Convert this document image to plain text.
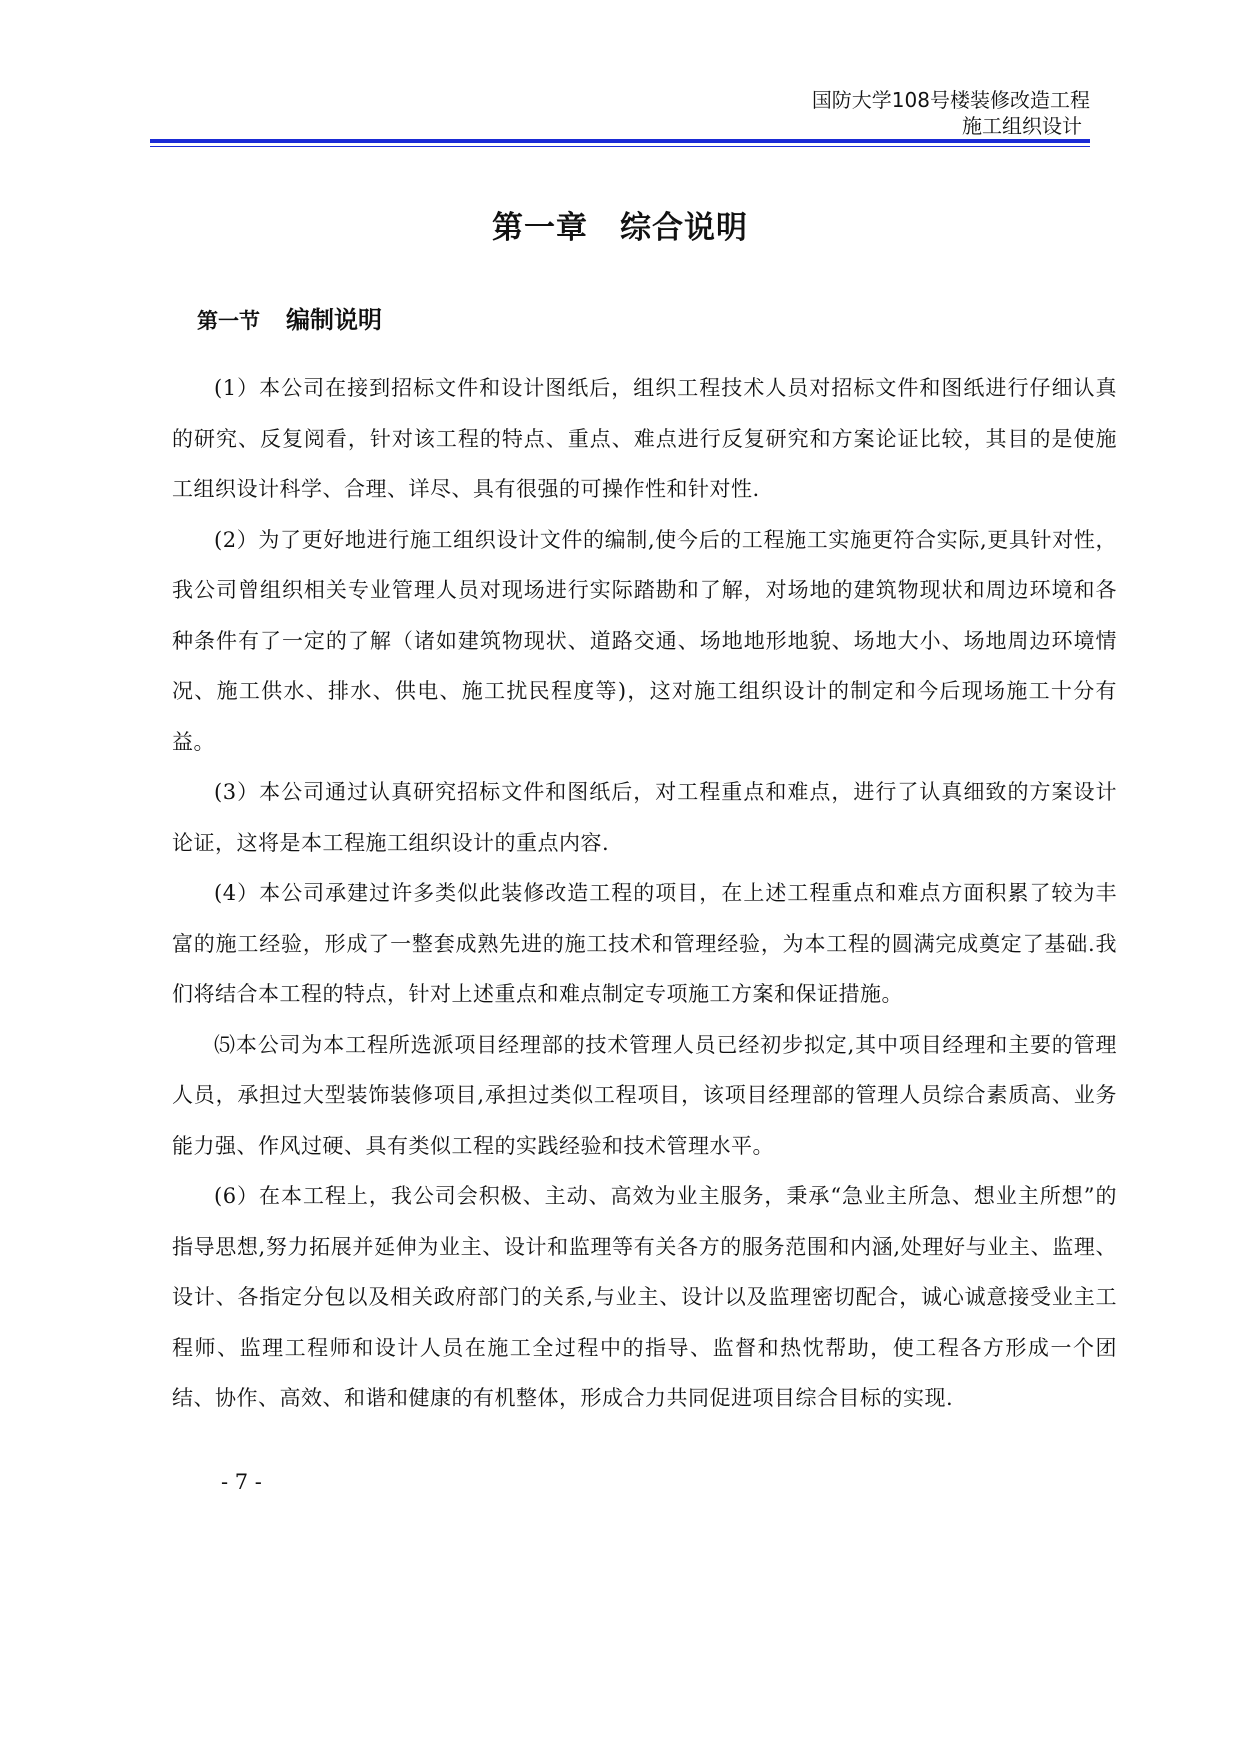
国防大学108号楼装修改造工程
施工组织设计
第一章　综合说明
第一节 编制说明

(1）本公司在接到招标文件和设计图纸后，组织工程技术人员对招标文件和图纸进行仔细认真的研究、反复阅看，针对该工程的特点、重点、难点进行反复研究和方案论证比较，其目的是使施工组织设计科学、合理、详尽、具有很强的可操作性和针对性.

(2）为了更好地进行施工组织设计文件的编制,使今后的工程施工实施更符合实际,更具针对性，我公司曾组织相关专业管理人员对现场进行实际踏勘和了解，对场地的建筑物现状和周边环境和各种条件有了一定的了解（诸如建筑物现状、道路交通、场地地形地貌、场地大小、场地周边环境情况、施工供水、排水、供电、施工扰民程度等)，这对施工组织设计的制定和今后现场施工十分有益。

(3）本公司通过认真研究招标文件和图纸后，对工程重点和难点，进行了认真细致的方案设计论证，这将是本工程施工组织设计的重点内容.

(4）本公司承建过许多类似此装修改造工程的项目，在上述工程重点和难点方面积累了较为丰富的施工经验，形成了一整套成熟先进的施工技术和管理经验，为本工程的圆满完成奠定了基础.我们将结合本工程的特点，针对上述重点和难点制定专项施工方案和保证措施。

⑸本公司为本工程所选派项目经理部的技术管理人员已经初步拟定,其中项目经理和主要的管理人员，承担过大型装饰装修项目,承担过类似工程项目，该项目经理部的管理人员综合素质高、业务能力强、作风过硬、具有类似工程的实践经验和技术管理水平。

(6）在本工程上，我公司会积极、主动、高效为业主服务，秉承“急业主所急、想业主所想”的指导思想,努力拓展并延伸为业主、设计和监理等有关各方的服务范围和内涵,处理好与业主、监理、设计、各指定分包以及相关政府部门的关系,与业主、设计以及监理密切配合，诚心诚意接受业主工程师、监理工程师和设计人员在施工全过程中的指导、监督和热忱帮助，使工程各方形成一个团结、协作、高效、和谐和健康的有机整体，形成合力共同促进项目综合目标的实现.

- 7 -
